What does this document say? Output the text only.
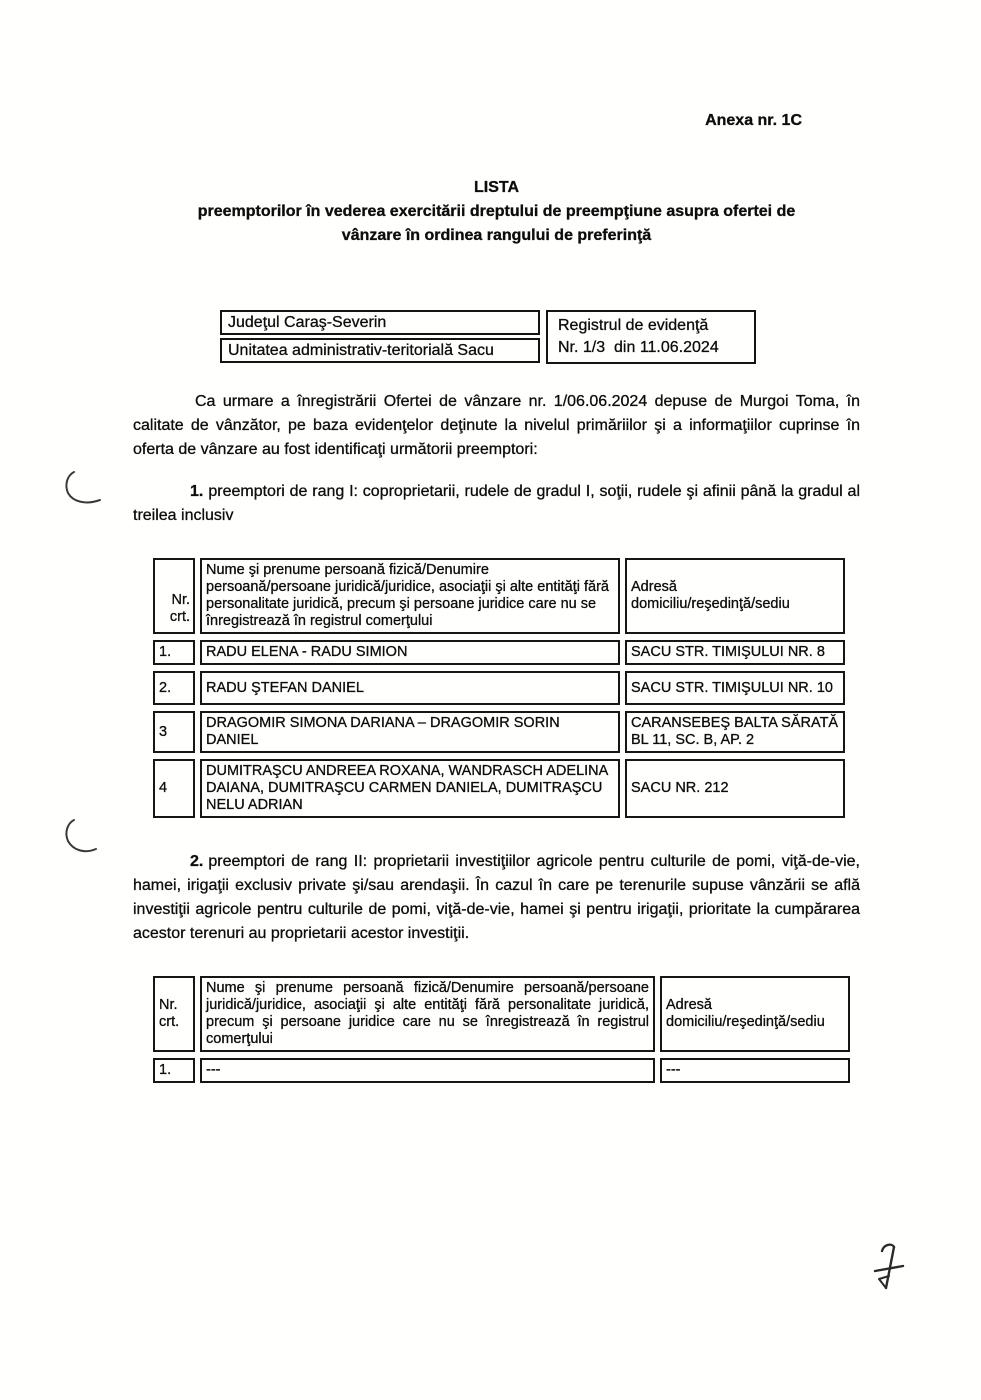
Anexa nr. 1C
LISTA
preemptorilor în vederea exercitării dreptului de preempţiune asupra ofertei de
vânzare în ordinea rangului de preferinţă
Judeţul Caraş-Severin
Unitatea administrativ-teritorială Sacu
Registrul de evidenţă
Nr. 1/3  din 11.06.2024

Ca urmare a înregistrării Ofertei de vânzare nr. 1/06.06.2024 depuse de Murgoi Toma, în calitate de vânzător, pe baza evidenţelor deţinute la nivelul primăriilor şi a informaţiilor cuprinse în oferta de vânzare au fost identificaţi următorii preemptori:

1. preemptori de rang I: coproprietarii, rudele de gradul I, soţii, rudele şi afinii până la gradul al treilea inclusiv

Nr. crt.	Nume şi prenume persoană fizică/Denumire persoană/persoane juridică/juridice, asociaţii şi alte entităţi fără personalitate juridică, precum şi persoane juridice care nu se înregistrează în registrul comerţului	Adresă domiciliu/reşedinţă/sediu
1.	RADU ELENA - RADU SIMION	SACU STR. TIMIŞULUI NR. 8
2.	RADU ŞTEFAN DANIEL	SACU STR. TIMIŞULUI NR. 10
3	DRAGOMIR SIMONA DARIANA – DRAGOMIR SORIN DANIEL	CARANSEBEŞ BALTA SĂRATĂ BL 11, SC. B, AP. 2
4	DUMITRAŞCU ANDREEA ROXANA, WANDRASCH ADELINA DAIANA, DUMITRAŞCU CARMEN DANIELA, DUMITRAŞCU NELU ADRIAN	SACU NR. 212

2. preemptori de rang II: proprietarii investiţiilor agricole pentru culturile de pomi, viţă-de-vie, hamei, irigaţii exclusiv private şi/sau arendaşii. În cazul în care pe terenurile supuse vânzării se află investiţii agricole pentru culturile de pomi, viţă-de-vie, hamei şi pentru irigaţii, prioritate la cumpărarea acestor terenuri au proprietarii acestor investiţii.

Nr. crt.	Nume şi prenume persoană fizică/Denumire persoană/persoane juridică/juridice, asociaţii şi alte entităţi fără personalitate juridică, precum şi persoane juridice care nu se înregistrează în registrul comerţului	Adresă domiciliu/reşedinţă/sediu
1.	---	---
